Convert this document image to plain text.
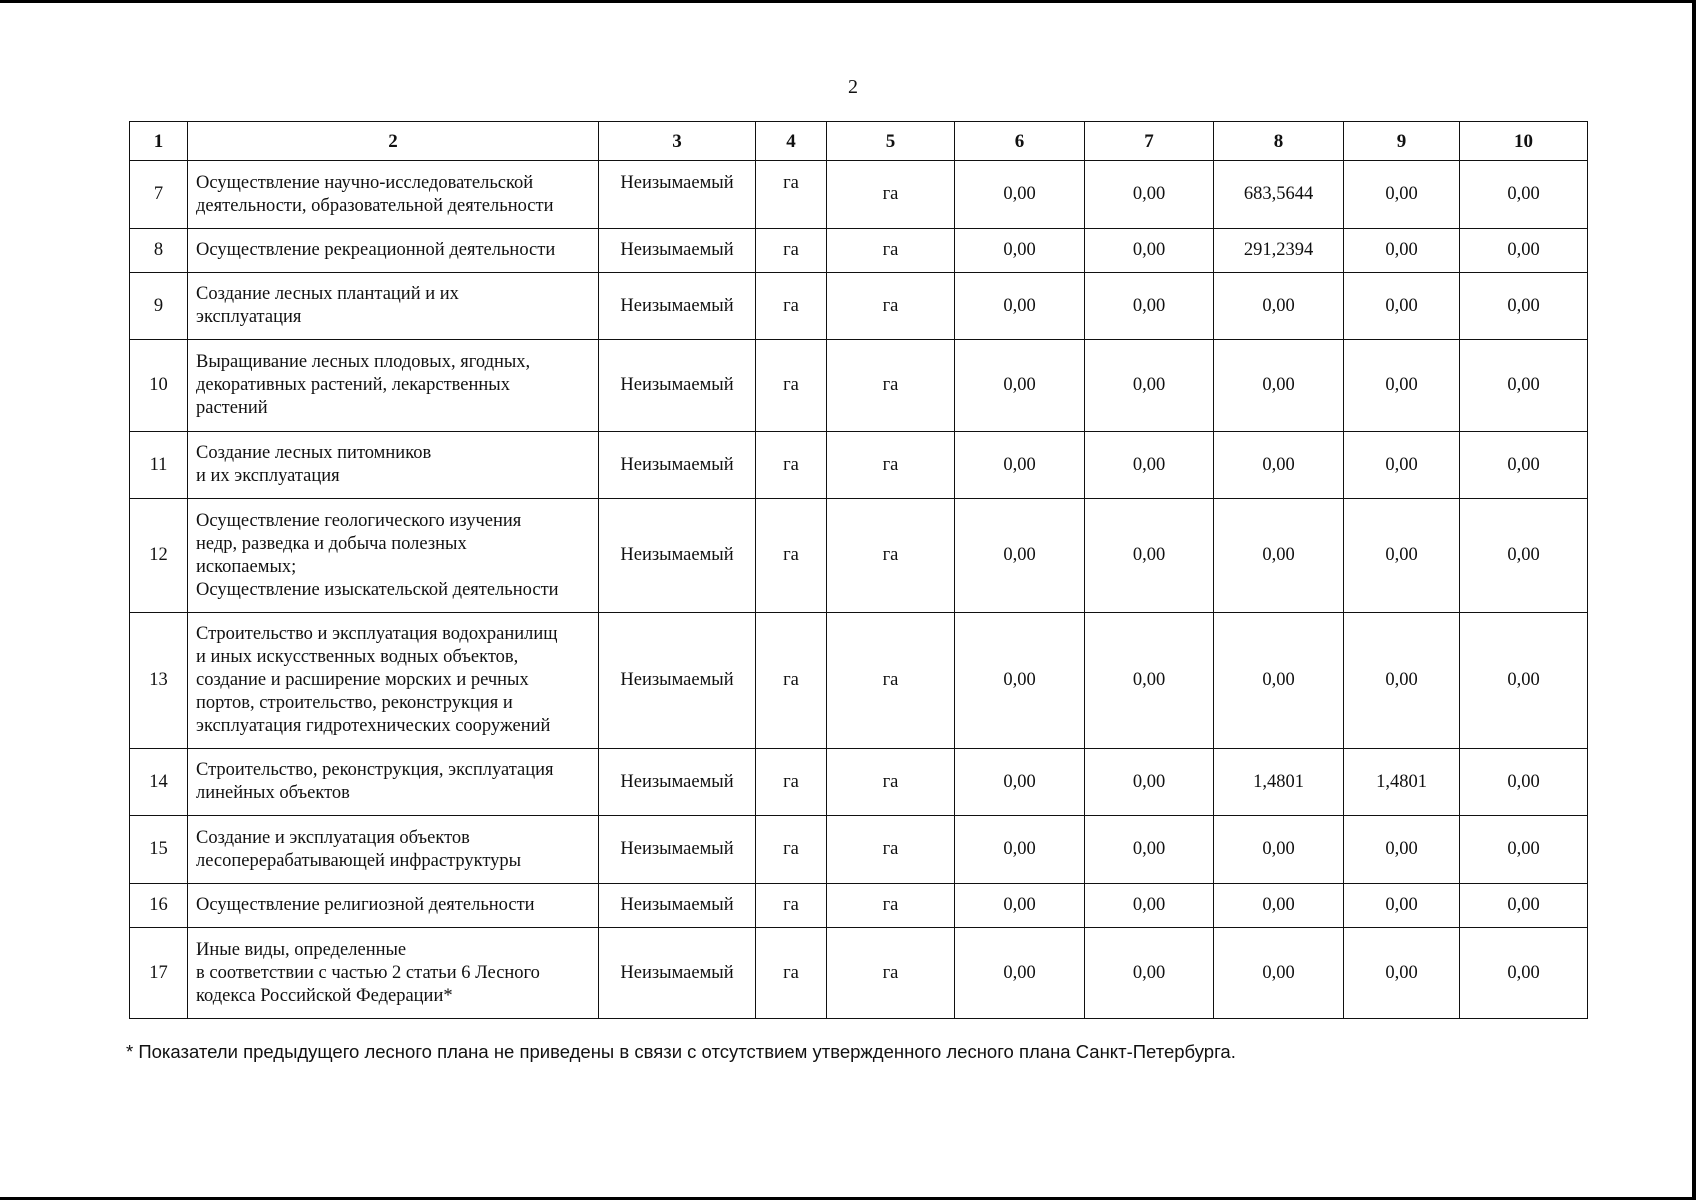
2
1	2	3	4	5	6	7	8	9	10
7	Осуществление научно-исследовательской
деятельности, образовательной деятельности	Неизымаемый	га	га	0,00	0,00	683,5644	0,00	0,00
8	Осуществление рекреационной деятельности	Неизымаемый	га	га	0,00	0,00	291,2394	0,00	0,00
9	Создание лесных плантаций и их
эксплуатация	Неизымаемый	га	га	0,00	0,00	0,00	0,00	0,00
10	Выращивание лесных плодовых, ягодных,
декоративных растений, лекарственных
растений	Неизымаемый	га	га	0,00	0,00	0,00	0,00	0,00
11	Создание лесных питомников
и их эксплуатация	Неизымаемый	га	га	0,00	0,00	0,00	0,00	0,00
12	Осуществление геологического изучения
недр, разведка и добыча полезных
ископаемых;
Осуществление изыскательской деятельности	Неизымаемый	га	га	0,00	0,00	0,00	0,00	0,00
13	Строительство и эксплуатация водохранилищ
и иных искусственных водных объектов,
создание и расширение морских и речных
портов, строительство, реконструкция и
эксплуатация гидротехнических сооружений	Неизымаемый	га	га	0,00	0,00	0,00	0,00	0,00
14	Строительство, реконструкция, эксплуатация
линейных объектов	Неизымаемый	га	га	0,00	0,00	1,4801	1,4801	0,00
15	Создание и эксплуатация объектов
лесоперерабатывающей инфраструктуры	Неизымаемый	га	га	0,00	0,00	0,00	0,00	0,00
16	Осуществление религиозной деятельности	Неизымаемый	га	га	0,00	0,00	0,00	0,00	0,00
17	Иные виды, определенные
в соответствии с частью 2 статьи 6 Лесного
кодекса Российской Федерации*	Неизымаемый	га	га	0,00	0,00	0,00	0,00	0,00
* Показатели предыдущего лесного плана не приведены в связи с отсутствием утвержденного лесного плана Санкт-Петербурга.
